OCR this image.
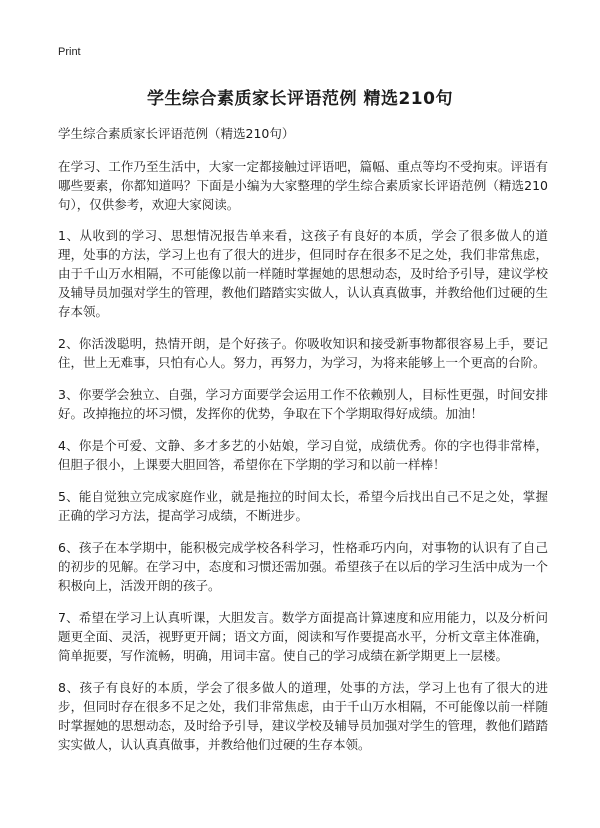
Print
学生综合素质家长评语范例 精选210句

学生综合素质家长评语范例（精选210句）

在学习、工作乃至生活中，大家一定都接触过评语吧，篇幅、重点等均不受拘束。评语有哪些要素，你都知道吗？下面是小编为大家整理的学生综合素质家长评语范例（精选210句），仅供参考，欢迎大家阅读。

1、从收到的学习、思想情况报告单来看，这孩子有良好的本质，学会了很多做人的道理，处事的方法，学习上也有了很大的进步，但同时存在很多不足之处，我们非常焦虑，由于千山万水相隔，不可能像以前一样随时掌握她的思想动态，及时给予引导，建议学校及辅导员加强对学生的管理，教他们踏踏实实做人，认认真真做事，并教给他们过硬的生存本领。

2、你活泼聪明，热情开朗，是个好孩子。你吸收知识和接受新事物都很容易上手，要记住，世上无难事，只怕有心人。努力，再努力，为学习，为将来能够上一个更高的台阶。

3、你要学会独立、自强，学习方面要学会运用工作不依赖别人，目标性更强，时间安排好。改掉拖拉的坏习惯，发挥你的优势，争取在下个学期取得好成绩。加油！

4、你是个可爱、文静、多才多艺的小姑娘，学习自觉，成绩优秀。你的字也得非常棒，但胆子很小，上课要大胆回答，希望你在下学期的学习和以前一样棒！

5、能自觉独立完成家庭作业，就是拖拉的时间太长，希望今后找出自己不足之处，掌握正确的学习方法，提高学习成绩，不断进步。

6、孩子在本学期中，能积极完成学校各科学习，性格乖巧内向，对事物的认识有了自己的初步的见解。在学习中，态度和习惯还需加强。希望孩子在以后的学习生活中成为一个积极向上，活泼开朗的孩子。

7、希望在学习上认真听课，大胆发言。数学方面提高计算速度和应用能力，以及分析问题更全面、灵活，视野更开阔；语文方面，阅读和写作要提高水平，分析文章主体准确，简单扼要，写作流畅，明确，用词丰富。使自己的学习成绩在新学期更上一层楼。

8、孩子有良好的本质，学会了很多做人的道理，处事的方法，学习上也有了很大的进步，但同时存在很多不足之处，我们非常焦虑，由于千山万水相隔，不可能像以前一样随时掌握她的思想动态，及时给予引导，建议学校及辅导员加强对学生的管理，教他们踏踏实实做人，认认真真做事，并教给他们过硬的生存本领。
